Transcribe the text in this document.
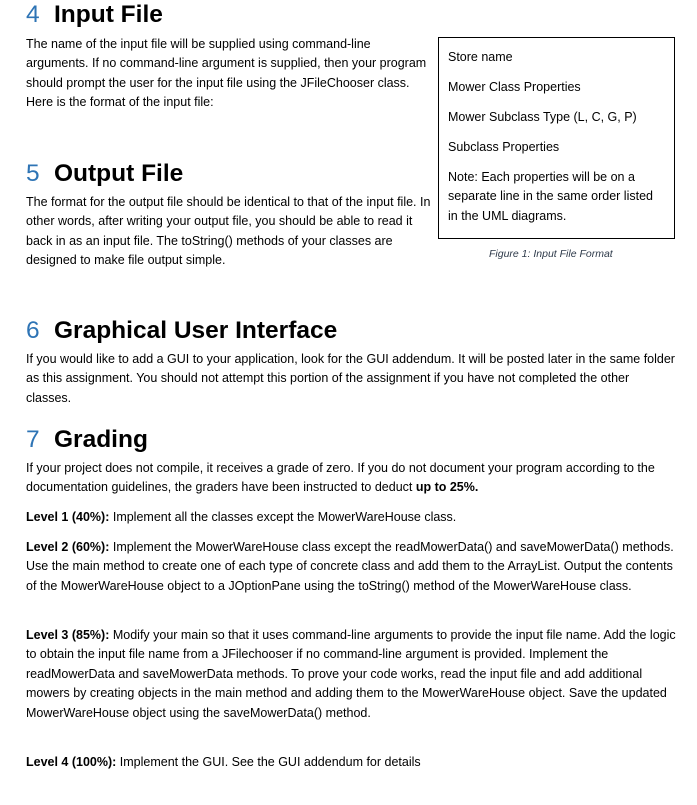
4 Input File

The name of the input file will be supplied using command-line arguments. If no command-line argument is supplied, then your program should prompt the user for the input file using the JFileChooser class. Here is the format of the input file:

Store name
Mower Class Properties
Mower Subclass Type (L, C, G, P)
Subclass Properties
Note: Each properties will be on a separate line in the same order listed in the UML diagrams.
Figure 1: Input File Format
5 Output File

The format for the output file should be identical to that of the input file. In other words, after writing your output file, you should be able to read it back in as an input file. The toString() methods of your classes are designed to make file output simple.

6 Graphical User Interface

If you would like to add a GUI to your application, look for the GUI addendum. It will be posted later in the same folder as this assignment. You should not attempt this portion of the assignment if you have not completed the other classes.

7 Grading

If your project does not compile, it receives a grade of zero. If you do not document your program according to the documentation guidelines, the graders have been instructed to deduct up to 25%.

Level 1 (40%): Implement all the classes except the MowerWareHouse class.

Level 2 (60%): Implement the MowerWareHouse class except the readMowerData() and saveMowerData() methods. Use the main method to create one of each type of concrete class and add them to the ArrayList. Output the contents of the MowerWareHouse object to a JOptionPane using the toString() method of the MowerWareHouse class.

Level 3 (85%): Modify your main so that it uses command-line arguments to provide the input file name. Add the logic to obtain the input file name from a JFilechooser if no command-line argument is provided. Implement the readMowerData and saveMowerData methods. To prove your code works, read the input file and add additional mowers by creating objects in the main method and adding them to the MowerWareHouse object. Save the updated MowerWareHouse object using the saveMowerData() method.

Level 4 (100%): Implement the GUI. See the GUI addendum for details
